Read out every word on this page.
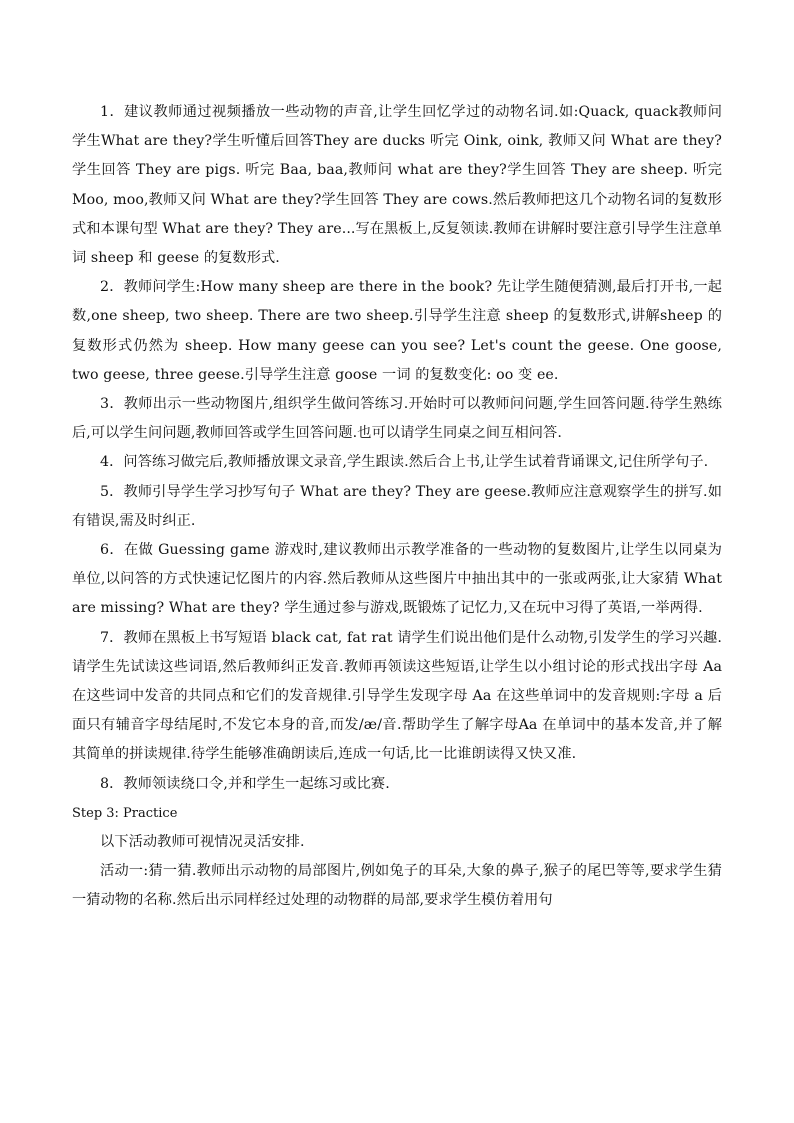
1．建议教师通过视频播放一些动物的声音,让学生回忆学过的动物名词.如:Quack, quack教师问学生What are they?学生听懂后回答They are ducks 听完 Oink, oink, 教师又问 What are they?学生回答 They are pigs. 听完 Baa, baa,教师问 what are they?学生回答 They are sheep. 听完 Moo, moo,教师又问 What are they?学生回答 They are cows.然后教师把这几个动物名词的复数形式和本课句型 What are they? They are...写在黑板上,反复领读.教师在讲解时要注意引导学生注意单词 sheep 和 geese 的复数形式.

2．教师问学生:How many sheep are there in the book? 先让学生随便猜测,最后打开书,一起数,one sheep, two sheep. There are two sheep.引导学生注意 sheep 的复数形式,讲解sheep 的复数形式仍然为 sheep. How many geese can you see? Let's count the geese. One goose, two geese, three geese.引导学生注意 goose 一词 的复数变化: oo 变 ee.

3．教师出示一些动物图片,组织学生做问答练习.开始时可以教师问问题,学生回答问题.待学生熟练后,可以学生问问题,教师回答或学生回答问题.也可以请学生同桌之间互相问答.

4．问答练习做完后,教师播放课文录音,学生跟读.然后合上书,让学生试着背诵课文,记住所学句子.

5．教师引导学生学习抄写句子 What are they? They are geese.教师应注意观察学生的拼写.如有错误,需及时纠正.

6．在做 Guessing game 游戏时,建议教师出示教学准备的一些动物的复数图片,让学生以同桌为单位,以问答的方式快速记忆图片的内容.然后教师从这些图片中抽出其中的一张或两张,让大家猜 What are missing? What are they? 学生通过参与游戏,既锻炼了记忆力,又在玩中习得了英语,一举两得.

7．教师在黑板上书写短语 black cat, fat rat 请学生们说出他们是什么动物,引发学生的学习兴趣.请学生先试读这些词语,然后教师纠正发音.教师再领读这些短语,让学生以小组讨论的形式找出字母 Aa 在这些词中发音的共同点和它们的发音规律.引导学生发现字母 Aa 在这些单词中的发音规则:字母 a 后面只有辅音字母结尾时,不发它本身的音,而发/æ/音.帮助学生了解字母Aa 在单词中的基本发音,并了解其简单的拼读规律.待学生能够准确朗读后,连成一句话,比一比谁朗读得又快又准.

8．教师领读绕口令,并和学生一起练习或比赛.

Step 3: Practice

以下活动教师可视情况灵活安排.

活动一:猜一猜.教师出示动物的局部图片,例如兔子的耳朵,大象的鼻子,猴子的尾巴等等,要求学生猜一猜动物的名称.然后出示同样经过处理的动物群的局部,要求学生模仿着用句
